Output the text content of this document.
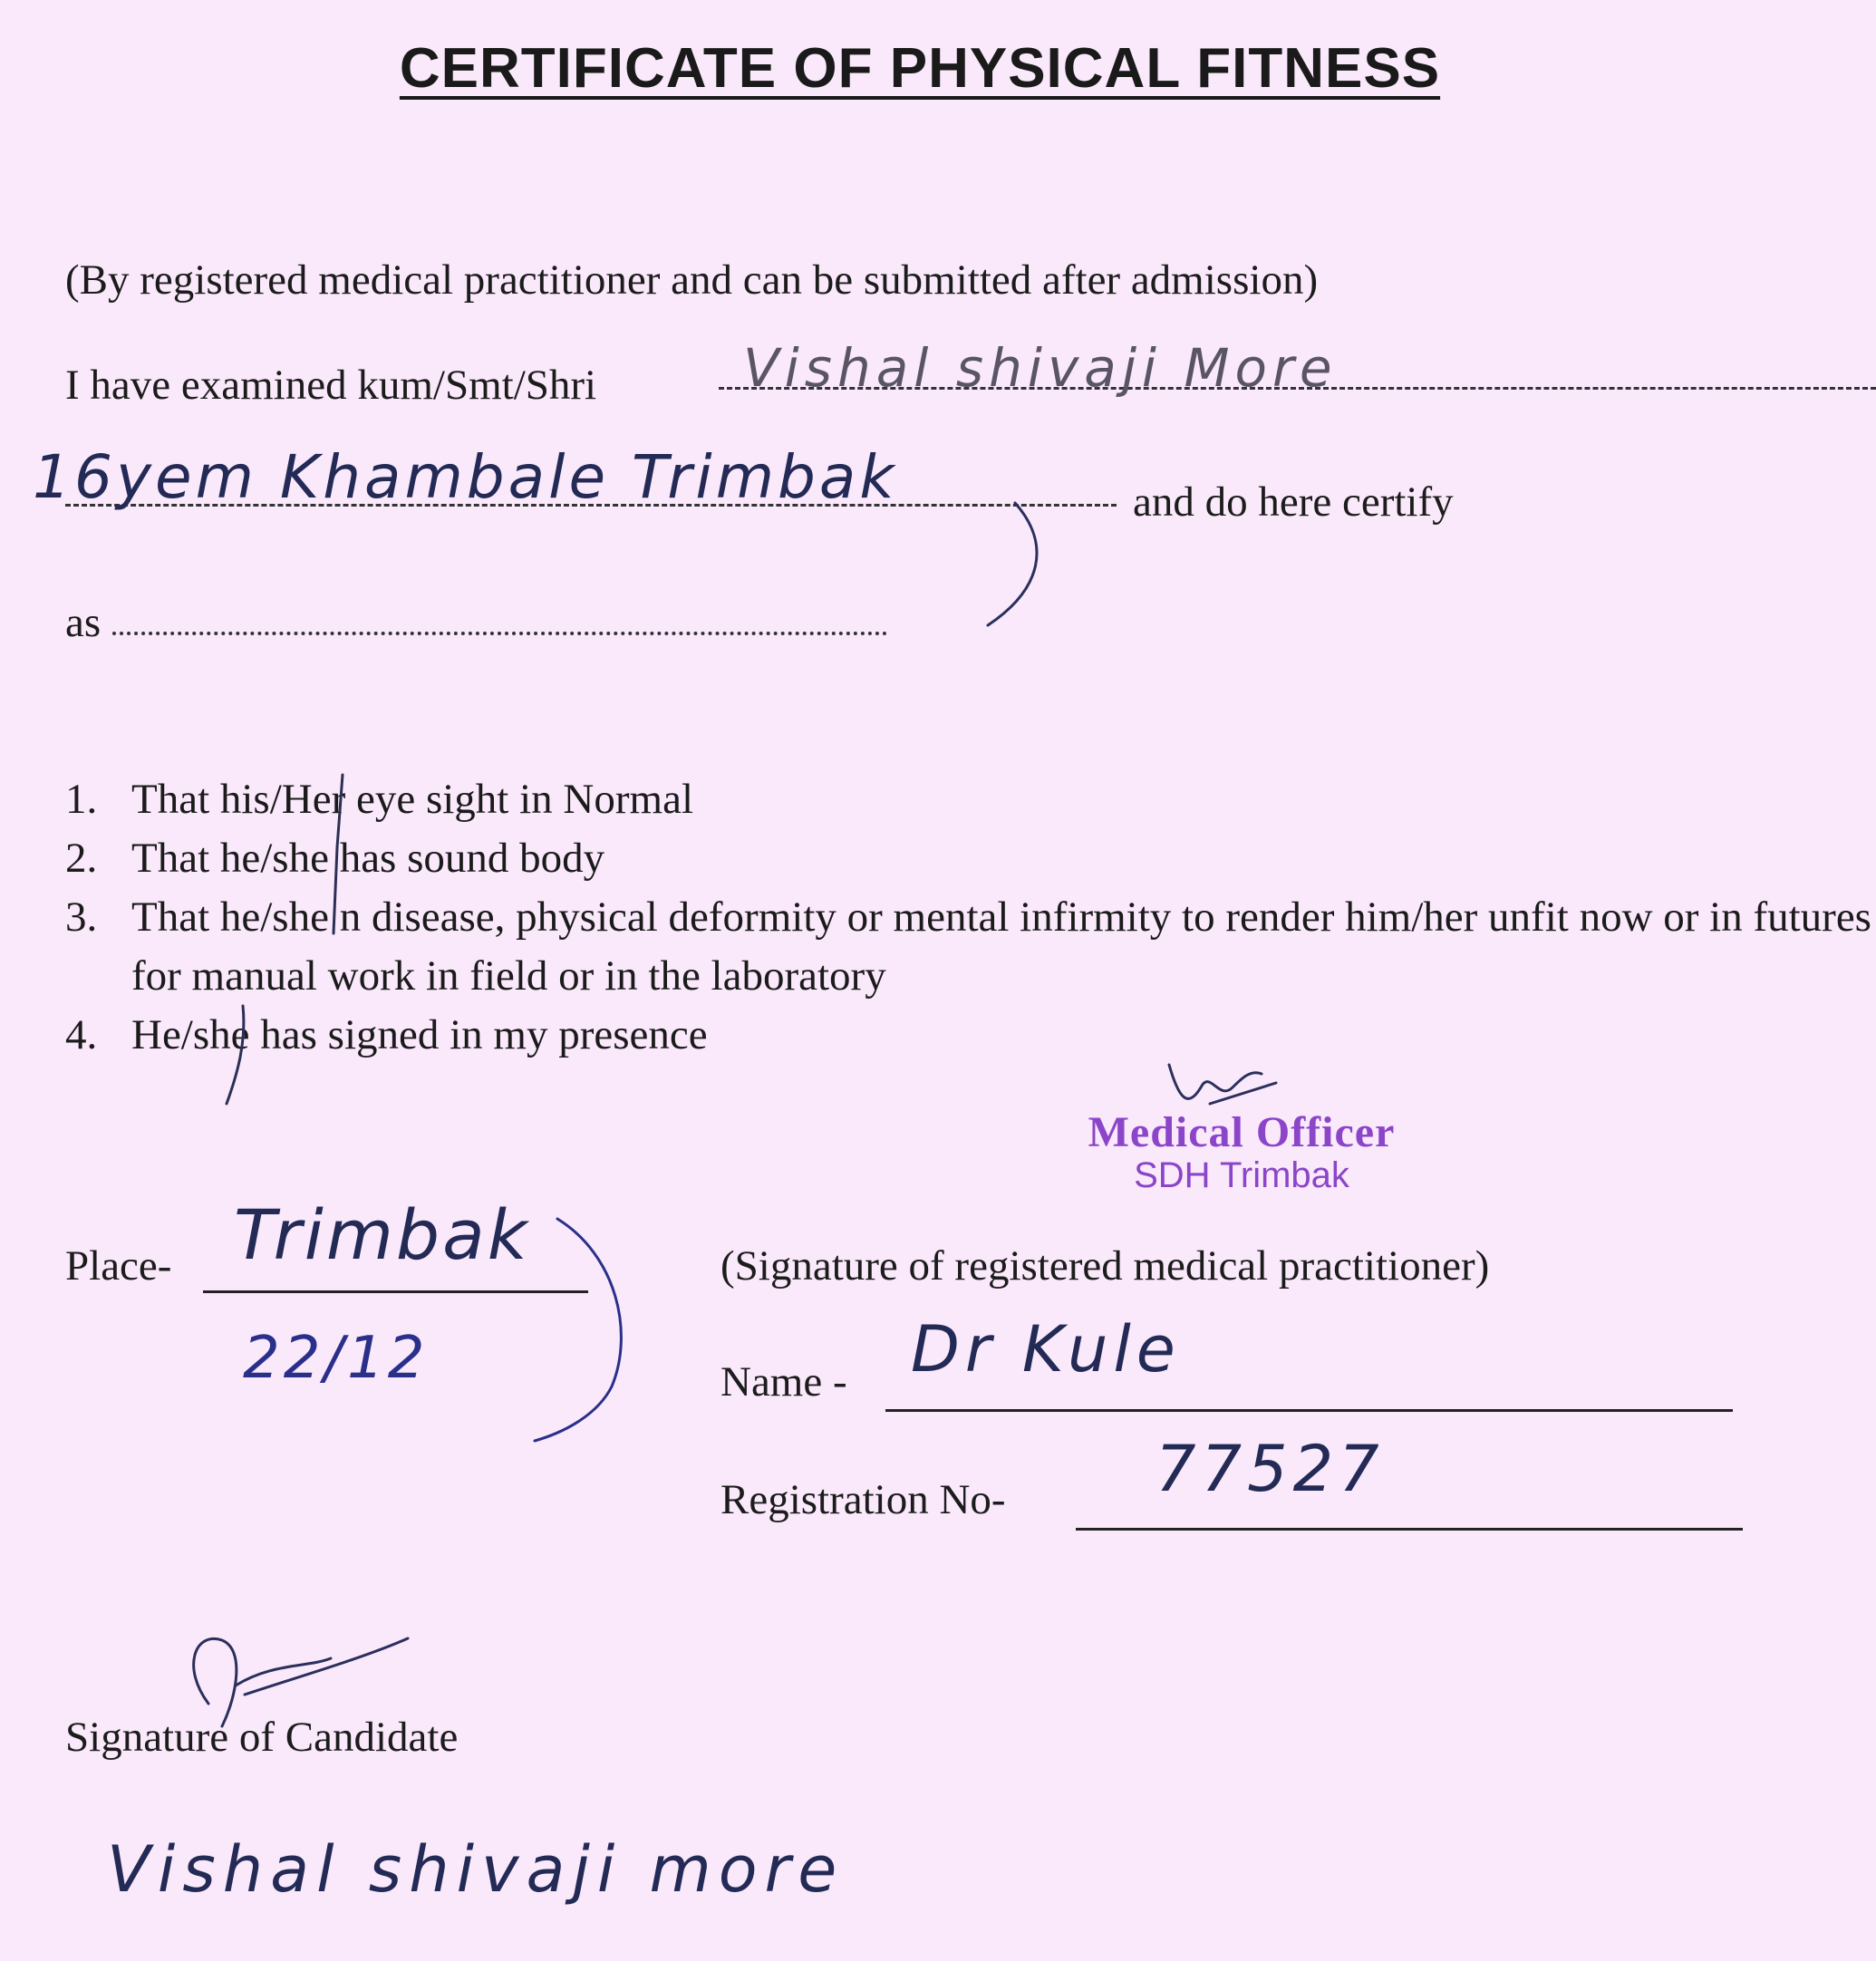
CERTIFICATE OF PHYSICAL FITNESS
(By registered medical practitioner and can be submitted after admission)
I have examined kum/Smt/Shri	Vishal shivaji More
16yem Khambale Trimbak	and do here certify
as
1. That his/Her eye sight in Normal
2. That he/she has sound body
3. That he/she n disease, physical deformity or mental infirmity to render him/her unfit now or in futures for manual work in field or in the laboratory
4. He/she has signed in my presence
Medical Officer
SDH Trimbak
Place- Trimbak
22/12
(Signature of registered medical practitioner)
Name - Dr Kule
Registration No- 77527
Signature of Candidate
Vishal shivaji more
